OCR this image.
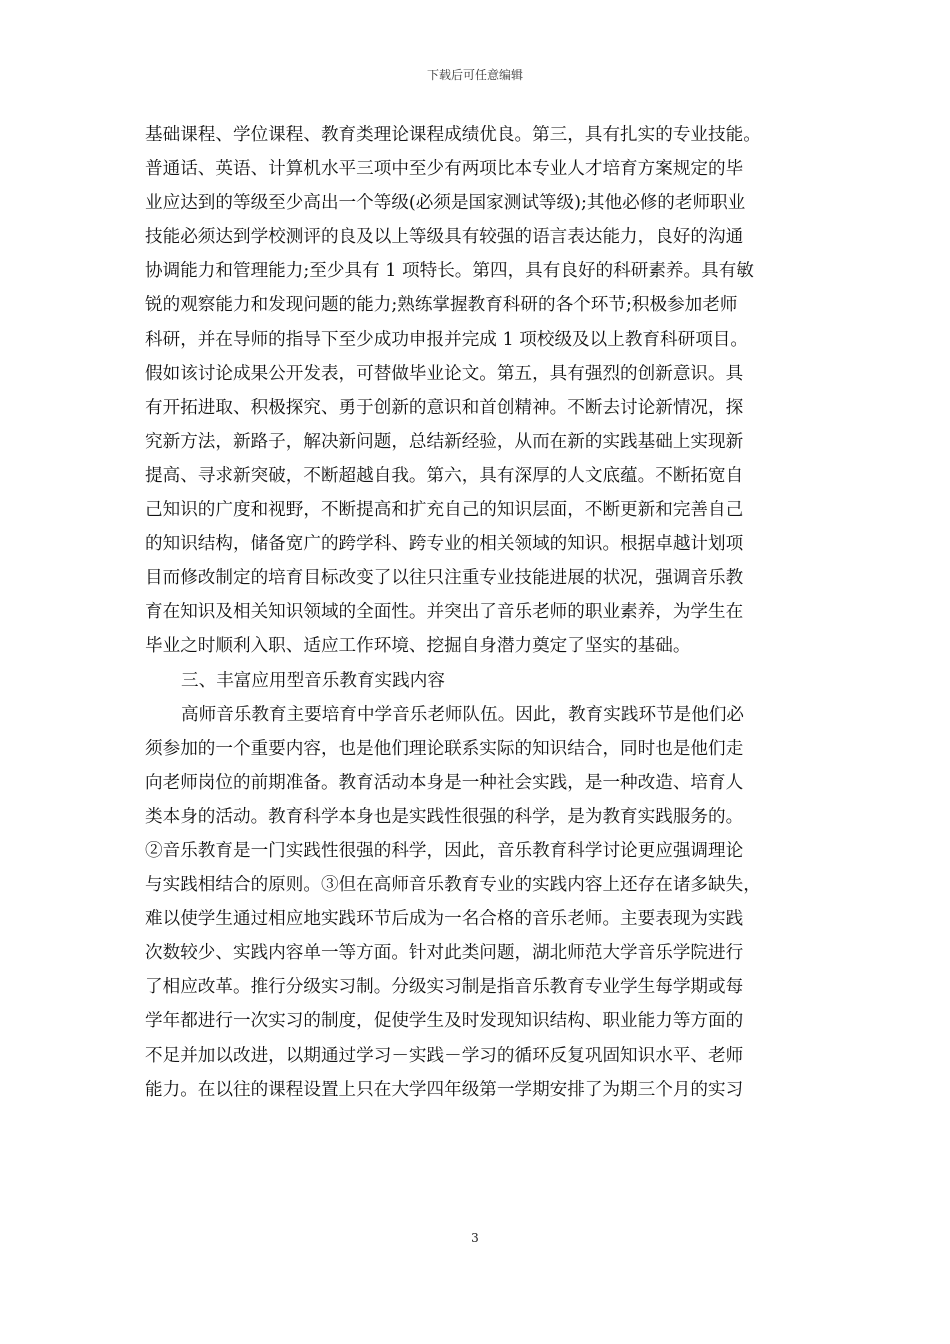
下载后可任意编辑
基础课程、学位课程、教育类理论课程成绩优良。第三，具有扎实的专业技能。
普通话、英语、计算机水平三项中至少有两项比本专业人才培育方案规定的毕
业应达到的等级至少高出一个等级(必须是国家测试等级);其他必修的老师职业
技能必须达到学校测评的良及以上等级具有较强的语言表达能力，良好的沟通
协调能力和管理能力;至少具有 1 项特长。第四，具有良好的科研素养。具有敏
锐的观察能力和发现问题的能力;熟练掌握教育科研的各个环节;积极参加老师
科研，并在导师的指导下至少成功申报并完成 1 项校级及以上教育科研项目。
假如该讨论成果公开发表，可替做毕业论文。第五，具有强烈的创新意识。具
有开拓进取、积极探究、勇于创新的意识和首创精神。不断去讨论新情况，探
究新方法，新路子，解决新问题，总结新经验，从而在新的实践基础上实现新
提高、寻求新突破，不断超越自我。第六，具有深厚的人文底蕴。不断拓宽自
己知识的广度和视野，不断提高和扩充自己的知识层面，不断更新和完善自己
的知识结构，储备宽广的跨学科、跨专业的相关领域的知识。根据卓越计划项
目而修改制定的培育目标改变了以往只注重专业技能进展的状况，强调音乐教
育在知识及相关知识领域的全面性。并突出了音乐老师的职业素养，为学生在
毕业之时顺利入职、适应工作环境、挖掘自身潜力奠定了坚实的基础。
三、丰富应用型音乐教育实践内容
高师音乐教育主要培育中学音乐老师队伍。因此，教育实践环节是他们必
须参加的一个重要内容，也是他们理论联系实际的知识结合，同时也是他们走
向老师岗位的前期准备。教育活动本身是一种社会实践，是一种改造、培育人
类本身的活动。教育科学本身也是实践性很强的科学，是为教育实践服务的。
②音乐教育是一门实践性很强的科学，因此，音乐教育科学讨论更应强调理论
与实践相结合的原则。③但在高师音乐教育专业的实践内容上还存在诸多缺失，
难以使学生通过相应地实践环节后成为一名合格的音乐老师。主要表现为实践
次数较少、实践内容单一等方面。针对此类问题，湖北师范大学音乐学院进行
了相应改革。推行分级实习制。分级实习制是指音乐教育专业学生每学期或每
学年都进行一次实习的制度，促使学生及时发现知识结构、职业能力等方面的
不足并加以改进，以期通过学习－实践－学习的循环反复巩固知识水平、老师
能力。在以往的课程设置上只在大学四年级第一学期安排了为期三个月的实习
3
